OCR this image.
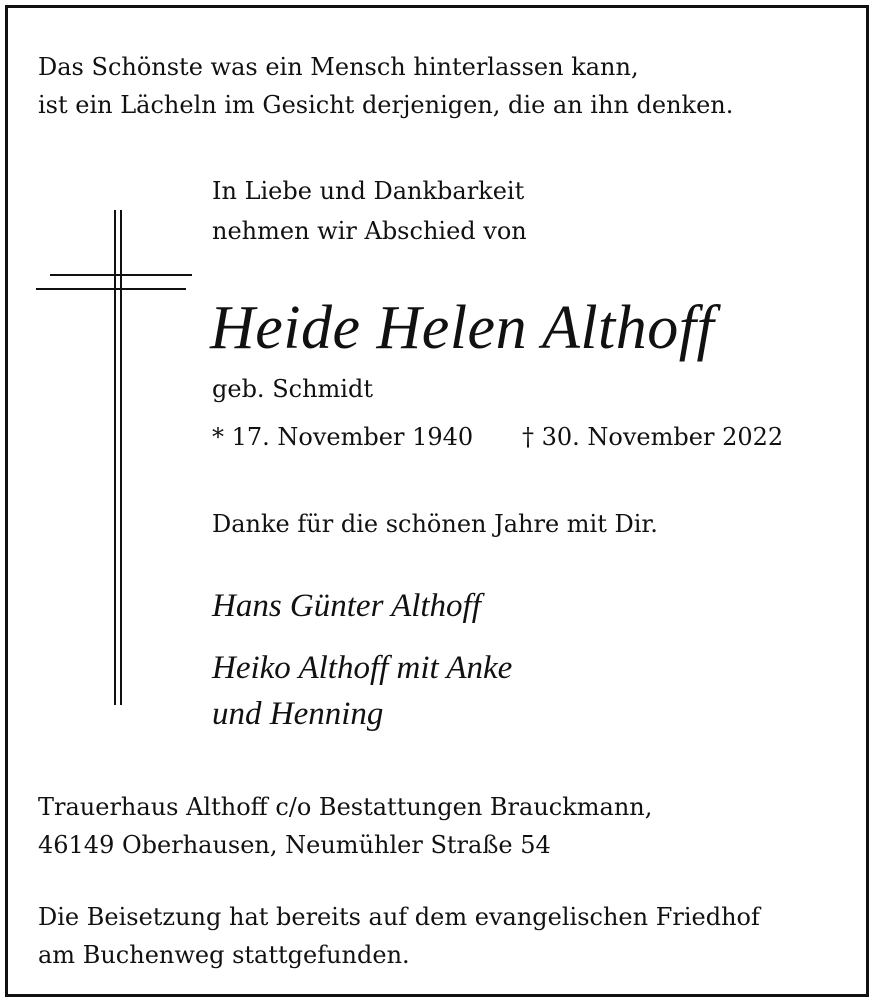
Das Schönste was ein Mensch hinterlassen kann,

ist ein Lächeln im Gesicht derjenigen, die an ihn denken.

In Liebe und Dankbarkeit

nehmen wir Abschied von

Heide Helen Althoff

geb. Schmidt

* 17. November 1940 † 30. November 2022

Danke für die schönen Jahre mit Dir.

Hans Günter Althoff

Heiko Althoff mit Anke

und Henning

Trauerhaus Althoff c/o Bestattungen Brauckmann,

46149 Oberhausen, Neumühler Straße 54

Die Beisetzung hat bereits auf dem evangelischen Friedhof

am Buchenweg stattgefunden.
